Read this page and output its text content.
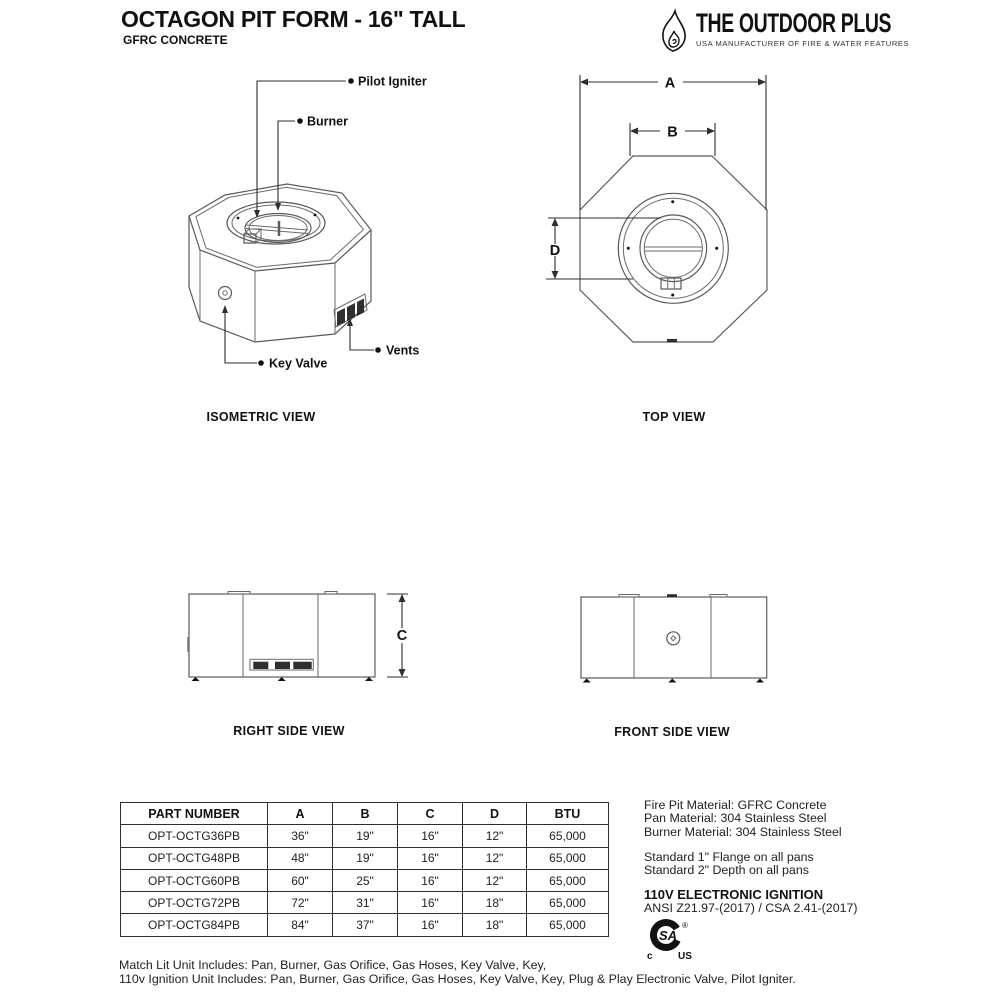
OCTAGON PIT FORM - 16" TALL
GFRC CONCRETE
THE OUTDOOR PLUS
USA MANUFACTURER OF FIRE & WATER FEATURES
Pilot Igniter
Burner
Key Valve
Vents
ISOMETRIC VIEW
A
B
D
TOP VIEW
C
RIGHT SIDE VIEW	FRONT SIDE VIEW
PART NUMBER	A	B	C	D	BTU
OPT-OCTG36PB	36"	19"	16"	12"	65,000
OPT-OCTG48PB	48"	19"	16"	12"	65,000
OPT-OCTG60PB	60"	25"	16"	12"	65,000
OPT-OCTG72PB	72"	31"	16"	18"	65,000
OPT-OCTG84PB	84"	37"	16"	18"	65,000
Fire Pit Material: GFRC Concrete
Pan Material: 304 Stainless Steel
Burner Material: 304 Stainless Steel
Standard 1" Flange on all pans
Standard 2" Depth on all pans
110V ELECTRONIC IGNITION
ANSI Z21.97-(2017) / CSA 2.41-(2017)
SA
®
c	US
Match Lit Unit Includes: Pan, Burner, Gas Orifice, Gas Hoses, Key Valve, Key,
110v Ignition Unit Includes: Pan, Burner, Gas Orifice, Gas Hoses, Key Valve, Key, Plug & Play Electronic Valve, Pilot Igniter.
